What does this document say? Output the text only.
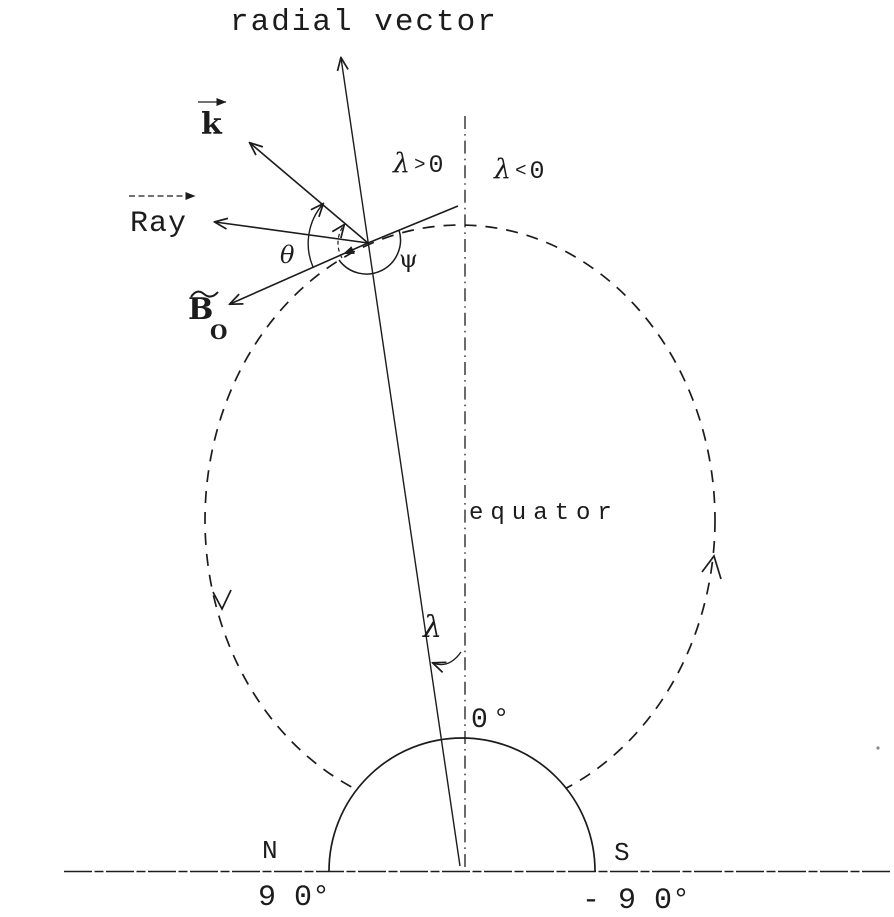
radial vector
λ > 0 λ < 0
k
Ray
B
O
θ	ψ
λ
equator
0°
N	S
9 0°	- 9 0°
